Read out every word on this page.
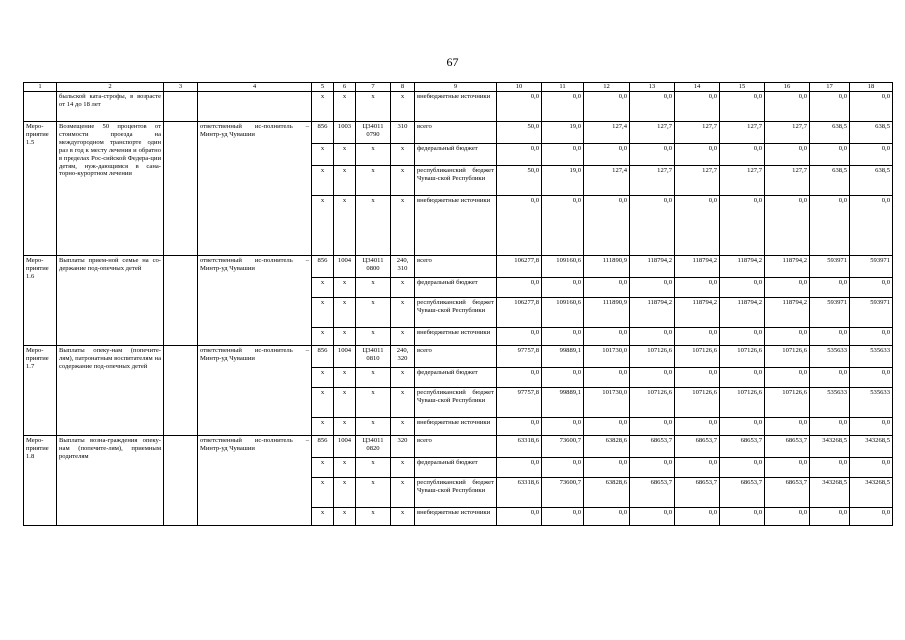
67
1	2	3	4	5	6	7	8	9	10	11	12	13	14	15	16	17	18
	быльской ката-строфы, в возрасте от 14 до 18 лет			x	x	x	x	внебюджетные источники	0,0	0,0	0,0	0,0	0,0	0,0	0,0	0,0	0,0
Меро-приятие 1.5	Возмещение 50 процентов от стоимости проезда на междугородном транспорте один раз в год к месту лечения и обратно в пределах Рос-сийской Федера-ции детям, нуж-дающимся в сана-торно-курортном лечении		ответственный ис-полнитель – Минтр-уд Чувашии	856	1003	Ц34011 0790	310	всего	50,0	19,0	127,4	127,7	127,7	127,7	127,7	638,5	638,5
				x	x	x	x	федеральный бюджет	0,0	0,0	0,0	0,0	0,0	0,0	0,0	0,0	0,0
				x	x	x	x	республиканский бюджет Чуваш-ской Республики	50,0	19,0	127,4	127,7	127,7	127,7	127,7	638,5	638,5
				x	x	x	x	внебюджетные источники	0,0	0,0	0,0	0,0	0,0	0,0	0,0	0,0	0,0
Меро-приятие 1.6	Выплаты прием-ной семье на со-держание под-опечных детей		ответственный ис-полнитель – Минтр-уд Чувашии	856	1004	Ц34011 0800	240, 310	всего	106277,8	109160,6	111890,9	118794,2	118794,2	118794,2	118794,2	593971	593971
				x	x	x	x	федеральный бюджет	0,0	0,0	0,0	0,0	0,0	0,0	0,0	0,0	0,0
				x	x	x	x	республиканский бюджет Чуваш-ской Республики	106277,8	109160,6	111890,9	118794,2	118794,2	118794,2	118794,2	593971	593971
				x	x	x	x	внебюджетные источники	0,0	0,0	0,0	0,0	0,0	0,0	0,0	0,0	0,0
Меро-приятие 1.7	Выплаты опеку-нам (попечите-лям), патронатным воспитателям на содержание под-опечных детей		ответственный ис-полнитель – Минтр-уд Чувашии	856	1004	Ц34011 0810	240, 320	всего	97757,8	99889,1	101730,0	107126,6	107126,6	107126,6	107126,6	535633	535633
				x	x	x	x	федеральный бюджет	0,0	0,0	0,0	0,0	0,0	0,0	0,0	0,0	0,0
				x	x	x	x	республиканский бюджет Чуваш-ской Республики	97757,8	99889,1	101730,0	107126,6	107126,6	107126,6	107126,6	535633	535633
				x	x	x	x	внебюджетные источники	0,0	0,0	0,0	0,0	0,0	0,0	0,0	0,0	0,0
Меро-приятие 1.8	Выплаты возна-граждения опеку-нам (попечите-лям), приемным родителям		ответственный ис-полнитель – Минтр-уд Чувашии	856	1004	Ц34011 0820	320	всего	63318,6	73600,7	63828,6	68653,7	68653,7	68653,7	68653,7	343268,5	343268,5
				x	x	x	x	федеральный бюджет	0,0	0,0	0,0	0,0	0,0	0,0	0,0	0,0	0,0
				x	x	x	x	республиканский бюджет Чуваш-ской Республики	63318,6	73600,7	63828,6	68653,7	68653,7	68653,7	68653,7	343268,5	343268,5
				x	x	x	x	внебюджетные источники	0,0	0,0	0,0	0,0	0,0	0,0	0,0	0,0	0,0
